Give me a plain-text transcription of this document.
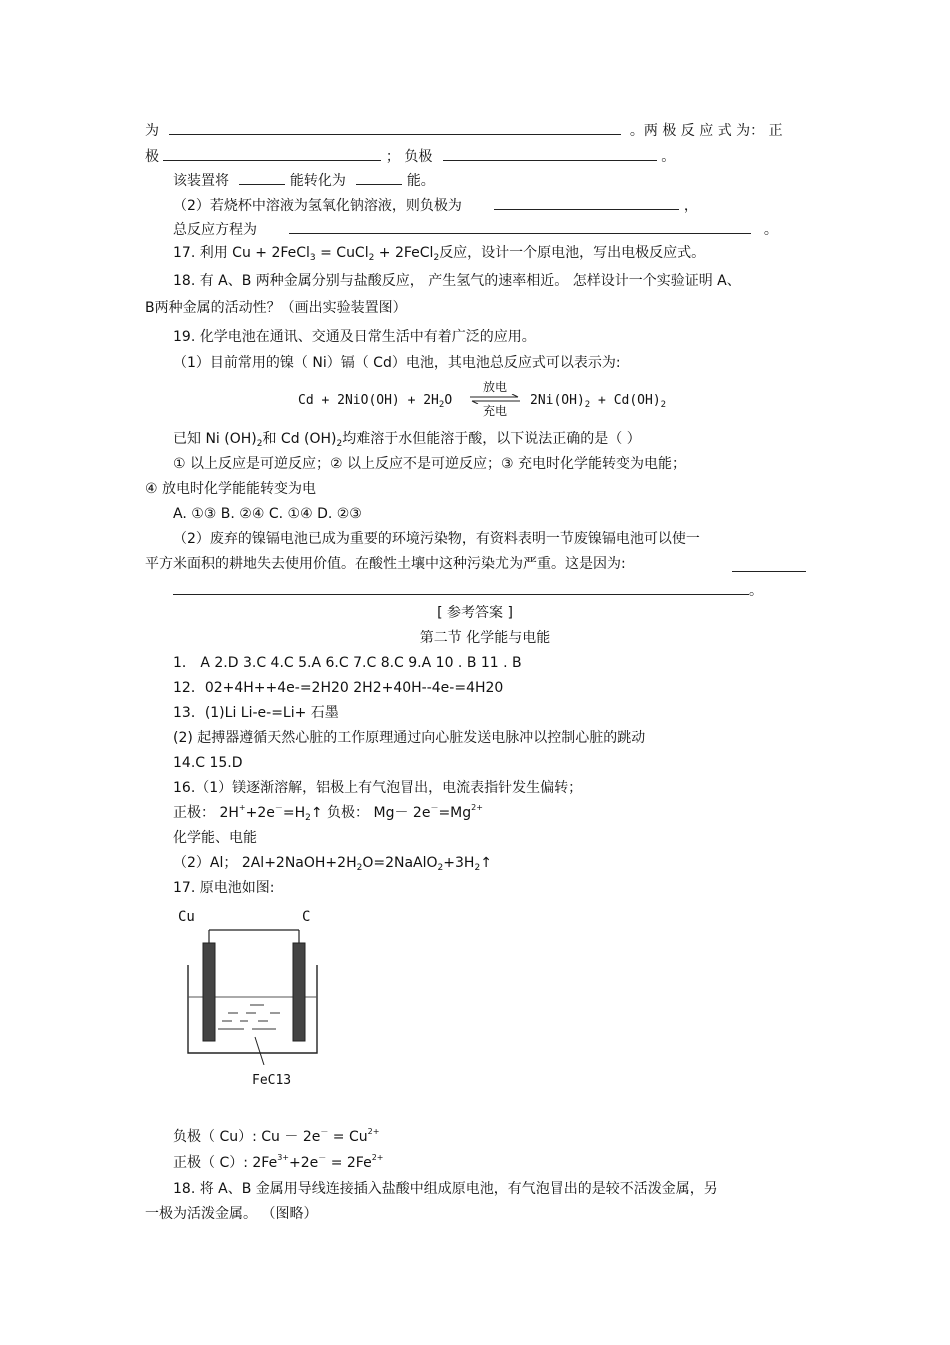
为	。两 极 反 应 式 为： 正
极	； 负极	。
该装置将	能转化为	能。
（2）若烧杯中溶液为氢氧化钠溶液，则负极为	，
总反应方程为	。
17. 利用 Cu + 2FeCl$_3$ = CuCl$_2$ + 2FeCl$_2$反应，设计一个原电池，写出电极反应式。
18. 有 A、B 两种金属分别与盐酸反应， 产生氢气的速率相近。 怎样设计一个实验证明 A、
B两种金属的活动性？（画出实验装置图）
19. 化学电池在通讯、交通及日常生活中有着广泛的应用。
（1）目前常用的镍（ Ni）镉（ Cd）电池，其电池总反应式可以表示为:
$Cd + 2NiO(OH) + 2H_2O$
放电
充电
$2Ni(OH)_2 + Cd(OH)_2$
已知 Ni $(OH)_2$和 Cd $(OH)_2$均难溶于水但能溶于酸，以下说法正确的是（ ）
① 以上反应是可逆反应；② 以上反应不是可逆反应；③ 充电时化学能转变为电能；
④ 放电时化学能能转变为电
A. ①③ B. ②④ C. ①④ D. ②③
（2）废弃的镍镉电池已成为重要的环境污染物，有资料表明一节废镍镉电池可以使一
平方米面积的耕地失去使用价值。在酸性土壤中这种污染尤为严重。这是因为:
。
[ 参考答案 ]
第二节 化学能与电能
1． A 2.D 3.C 4.C 5.A 6.C 7.C 8.C 9.A 10 . B 11 . B
12．02+4H++4e-=2H20 2H2+40H--4e-=4H20
13．(1)Li Li-e-=Li+ 石墨
(2) 起搏器遵循天然心脏的工作原理通过向心脏发送电脉冲以控制心脏的跳动
14.C 15.D
16.（1）镁逐渐溶解，铝极上有气泡冒出，电流表指针发生偏转；
正极： $2H^++2e^-=H_2↑$ 负极： $Mg- 2e^-=Mg^{2+}$
化学能、电能
（2）Al； $2Al+2NaOH+2H_2O=2NaAlO_2+3H_2↑$
17. 原电池如图:
Cu	C
FeC13
负极（ Cu）: $Cu - 2e^- = Cu^{2+}$
正极（ C）: $2Fe^{3+}+2e^- = 2Fe^{2+}$
18. 将 A、B 金属用导线连接插入盐酸中组成原电池，有气泡冒出的是较不活泼金属，另
一极为活泼金属。 （图略）
